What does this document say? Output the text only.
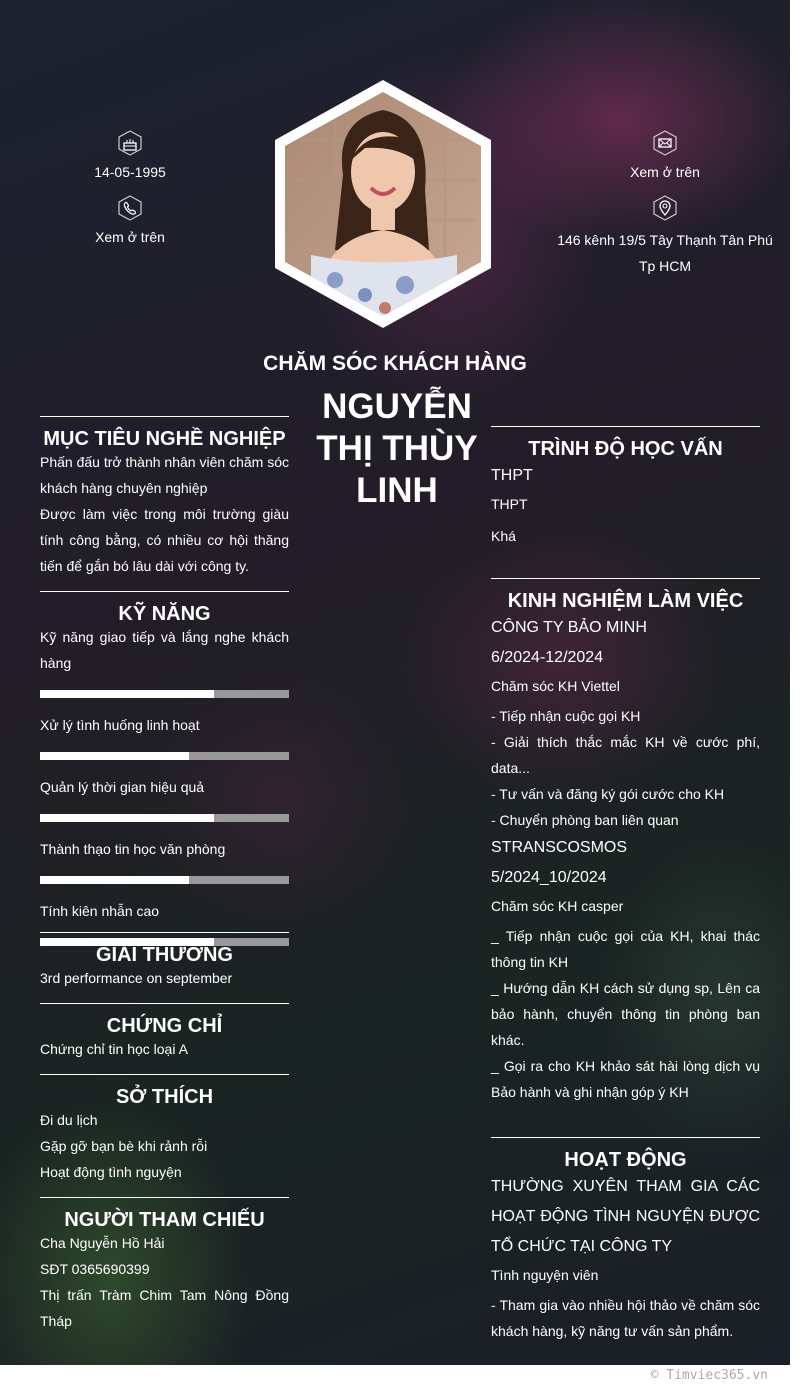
14-05-1995
Xem ở trên
Xem ở trên
146 kênh 19/5 Tây Thạnh Tân Phú
Tp HCM
CHĂM SÓC KHÁCH HÀNG
NGUYỄN THỊ THÙY LINH
MỤC TIÊU NGHỀ NGHIỆP

Phấn đấu trở thành nhân viên chăm sóc khách hàng chuyên nghiệp

Được làm việc trong môi trường giàu tính công bằng, có nhiều cơ hội thăng tiến để gắn bó lâu dài với công ty.

KỸ NĂNG

Kỹ năng giao tiếp và lắng nghe khách hàng

Xử lý tình huống linh hoạt

Quản lý thời gian hiệu quả

Thành thạo tin học văn phòng

Tính kiên nhẫn cao

GIẢI THƯỞNG
3rd performance on september
CHỨNG CHỈ
Chứng chỉ tin học loại A
SỞ THÍCH

Đi du lịch

Gặp gỡ bạn bè khi rảnh rỗi

Hoạt động tình nguyện

NGƯỜI THAM CHIẾU

Cha Nguyễn Hồ Hải

SĐT 0365690399

Thị trấn Tràm Chim Tam Nông Đồng Tháp

TRÌNH ĐỘ HỌC VẤN

THPT

THPT

Khá

KINH NGHIỆM LÀM VIỆC

CÔNG TY BẢO MINH

6/2024-12/2024

Chăm sóc KH Viettel

- Tiếp nhận cuộc gọi KH

- Giải thích thắc mắc KH về cước phí, data...

- Tư vấn và đăng ký gói cước cho KH

- Chuyển phòng ban liên quan

STRANSCOSMOS

5/2024_10/2024

Chăm sóc KH casper

_ Tiếp nhận cuộc gọi của KH, khai thác thông tin KH

_ Hướng dẫn KH cách sử dụng sp, Lên ca bảo hành, chuyển thông tin phòng ban khác.

_ Gọi ra cho KH khảo sát hài lòng dịch vụ Bảo hành và ghi nhận góp ý KH

HOẠT ĐỘNG

THƯỜNG XUYÊN THAM GIA CÁC HOẠT ĐỘNG TÌNH NGUYỆN ĐƯỢC TỔ CHỨC TẠI CÔNG TY

Tình nguyện viên

- Tham gia vào nhiều hội thảo về chăm sóc khách hàng, kỹ năng tư vấn sản phẩm.

© Timviec365.vn
